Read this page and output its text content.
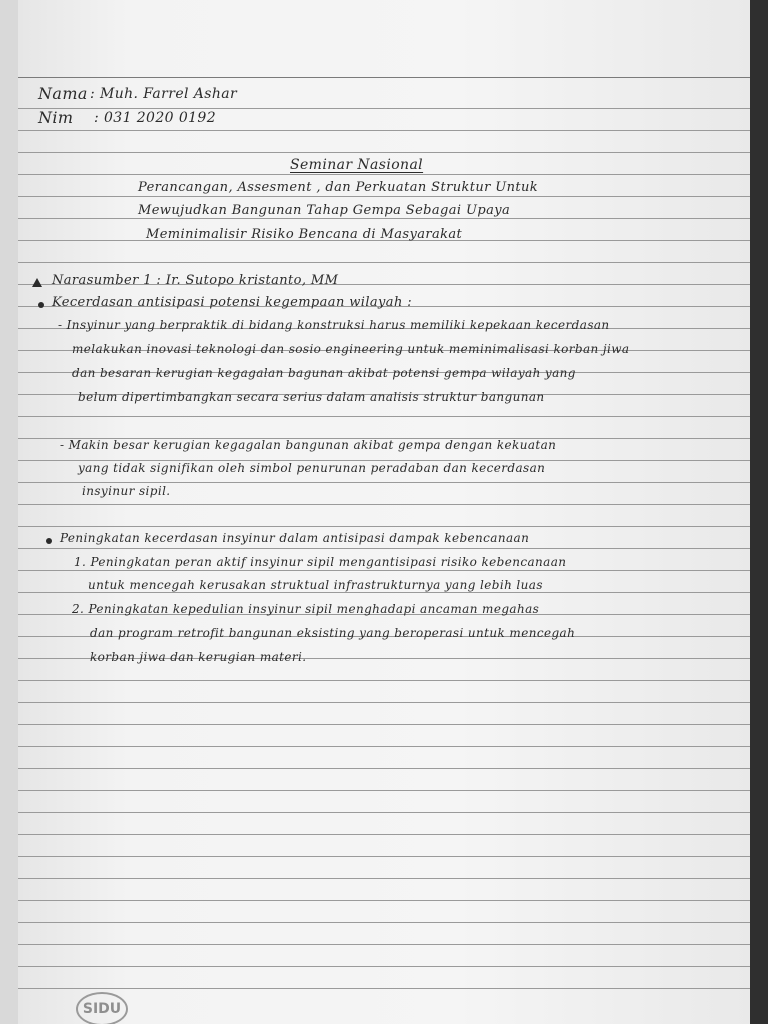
Nama : Muh. Farrel Ashar
Nim : 031 2020 0192
Seminar Nasional
Perancangan, Assesment , dan Perkuatan Struktur Untuk
Mewujudkan Bangunan Tahap Gempa Sebagai Upaya
Meminimalisir Risiko Bencana di Masyarakat
Narasumber 1 : Ir. Sutopo kristanto, MM
Kecerdasan antisipasi potensi kegempaan wilayah :
- Insyinur yang berpraktik di bidang konstruksi harus memiliki kepekaan kecerdasan
melakukan inovasi teknologi dan sosio engineering untuk meminimalisasi korban jiwa
dan besaran kerugian kegagalan bagunan akibat potensi gempa wilayah yang
belum dipertimbangkan secara serius dalam analisis struktur bangunan
- Makin besar kerugian kegagalan bangunan akibat gempa dengan kekuatan
yang tidak signifikan oleh simbol penurunan peradaban dan kecerdasan
insyinur sipil.
Peningkatan kecerdasan insyinur dalam antisipasi dampak kebencanaan
1. Peningkatan peran aktif insyinur sipil mengantisipasi risiko kebencanaan
untuk mencegah kerusakan struktual infrastrukturnya yang lebih luas
2. Peningkatan kepedulian insyinur sipil menghadapi ancaman megahas
dan program retrofit bangunan eksisting yang beroperasi untuk mencegah
korban jiwa dan kerugian materi.
SIDU
